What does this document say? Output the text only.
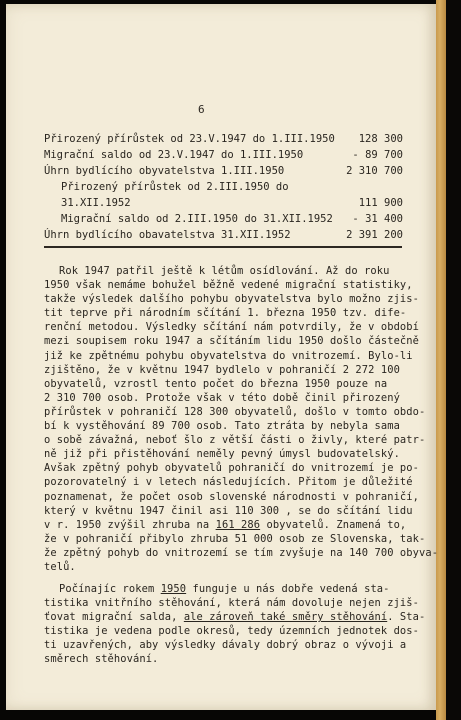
6
Přirozený přírůstek od 23.V.1947 do 1.III.1950	128 300
Migrační saldo od 23.V.1947 do 1.III.1950	- 89 700
Úhrn bydlícího obyvatelstva 1.III.1950	2 310 700
Přirozený přírůstek od 2.III.1950 do
31.XII.1952	111 900
Migrační saldo od 2.III.1950 do 31.XII.1952	- 31 400
Úhrn bydlícího obavatelstva 31.XII.1952	2 391 200
Rok 1947 patřil ještě k létům osídlování. Až do roku
1950 však nemáme bohužel běžně vedené migrační statistiky,
takže výsledek dalšího pohybu obyvatelstva bylo možno zjis-
tit teprve při národním sčítání 1. března 1950 tzv. dife-
renční metodou. Výsledky sčítání nám potvrdily, že v období
mezi soupisem roku 1947 a sčítáním lidu 1950 došlo částečně
již ke zpětnému pohybu obyvatelstva do vnitrozemí. Bylo-li
zjištěno, že v květnu 1947 bydlelo v pohraničí 2 272 100
obyvatelů, vzrostl tento počet do března 1950 pouze na
2 310 700 osob. Protože však v této době činil přirozený
přírůstek v pohraničí 128 300 obyvatelů, došlo v tomto obdo-
bí k vystěhování 89 700 osob. Tato ztráta by nebyla sama
o sobě závažná, neboť šlo z větší části o živly, které patr-
ně již při přistěhování neměly pevný úmysl budovatelský.
Avšak zpětný pohyb obyvatelů pohraničí do vnitrozemí je po-
pozorovatelný i v letech následujících. Přitom je důležité
poznamenat, že počet osob slovenské národnosti v pohraničí,
který v květnu 1947 činil asi 110 300 , se do sčítání lidu
v r. 1950 zvýšil zhruba na 161 286 obyvatelů. Znamená to,
že v pohraničí přibylo zhruba 51 000 osob ze Slovenska, tak-
že zpětný pohyb do vnitrozemí se tím zvyšuje na 140 700 obyva-
telů.
Počínajíc rokem 1950 funguje u nás dobře vedená sta-
tistika vnitřního stěhování, která nám dovoluje nejen zjiš-
ťovat migrační salda, ale zároveň také směry stěhování. Sta-
tistika je vedena podle okresů, tedy územních jednotek dos-
ti uzavřených, aby výsledky dávaly dobrý obraz o vývoji a
směrech stěhování.
